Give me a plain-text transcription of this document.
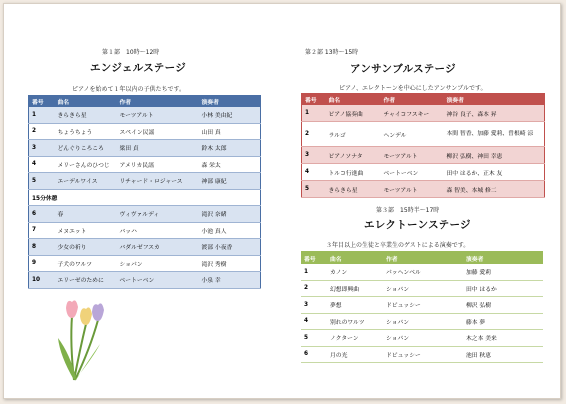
第１部　10時～12時
エンジェルステージ
ピアノを始めて１年以内の子供たちです。
番号	曲名	作者	演奏者
1	きらきら星	モーツアルト	小林 美由紀
2	ちょうちょう	スペイン民謡	山田 真
3	どんぐりころころ	梁田 貞	鈴木 太郎
4	メリーさんのひつじ	アメリカ民謡	森 栄太
5	エーデルワイス	リチャード・ロジャース	神部 康紀
15分休憩			
6	春	ヴィヴァルディ	滝沢 奈緒
7	メヌエット	バッハ	小池 真人
8	少女の祈り	バダルゼフスカ	渡部 小夜香
9	子犬のワルツ	ショパン	滝沢 秀樹
10	エリーゼのために	ベートーベン	小泉 幸
第２部 13時～15時
アンサンブルステージ
ピアノ、エレクトーンを中心にしたアンサンブルです。
番号	曲名	作者	演奏者
1	ピアノ協奏曲	チャイコフスキー	神谷 良子、森本 昇
2	ラルゴ	ヘンデル	本間 智香、加藤 愛莉、曽根崎 涼
3	ピアノソナタ	モーツアルト	柳沢 弘樹、神田 幸恵
4	トルコ行進曲	ベートーベン	田中 はるか、正木 友
5	きらきら星	モーツアルト	森 智美、本城 修二
第３部　15時半～17時
エレクトーンステージ
３年目以上の生徒と卒業生のゲストによる演奏です。
番号	曲名	作者	演奏者
1	カノン	パッヘンベル	加藤 愛莉
2	幻想即興曲	ショパン	田中 はるか
3	夢想	ドビュッシー	柳沢 弘樹
4	別れのワルツ	ショパン	藤本 夢
5	ノクターン	ショパン	木之本 美来
6	月の光	ドビュッシー	池田 秋恵
